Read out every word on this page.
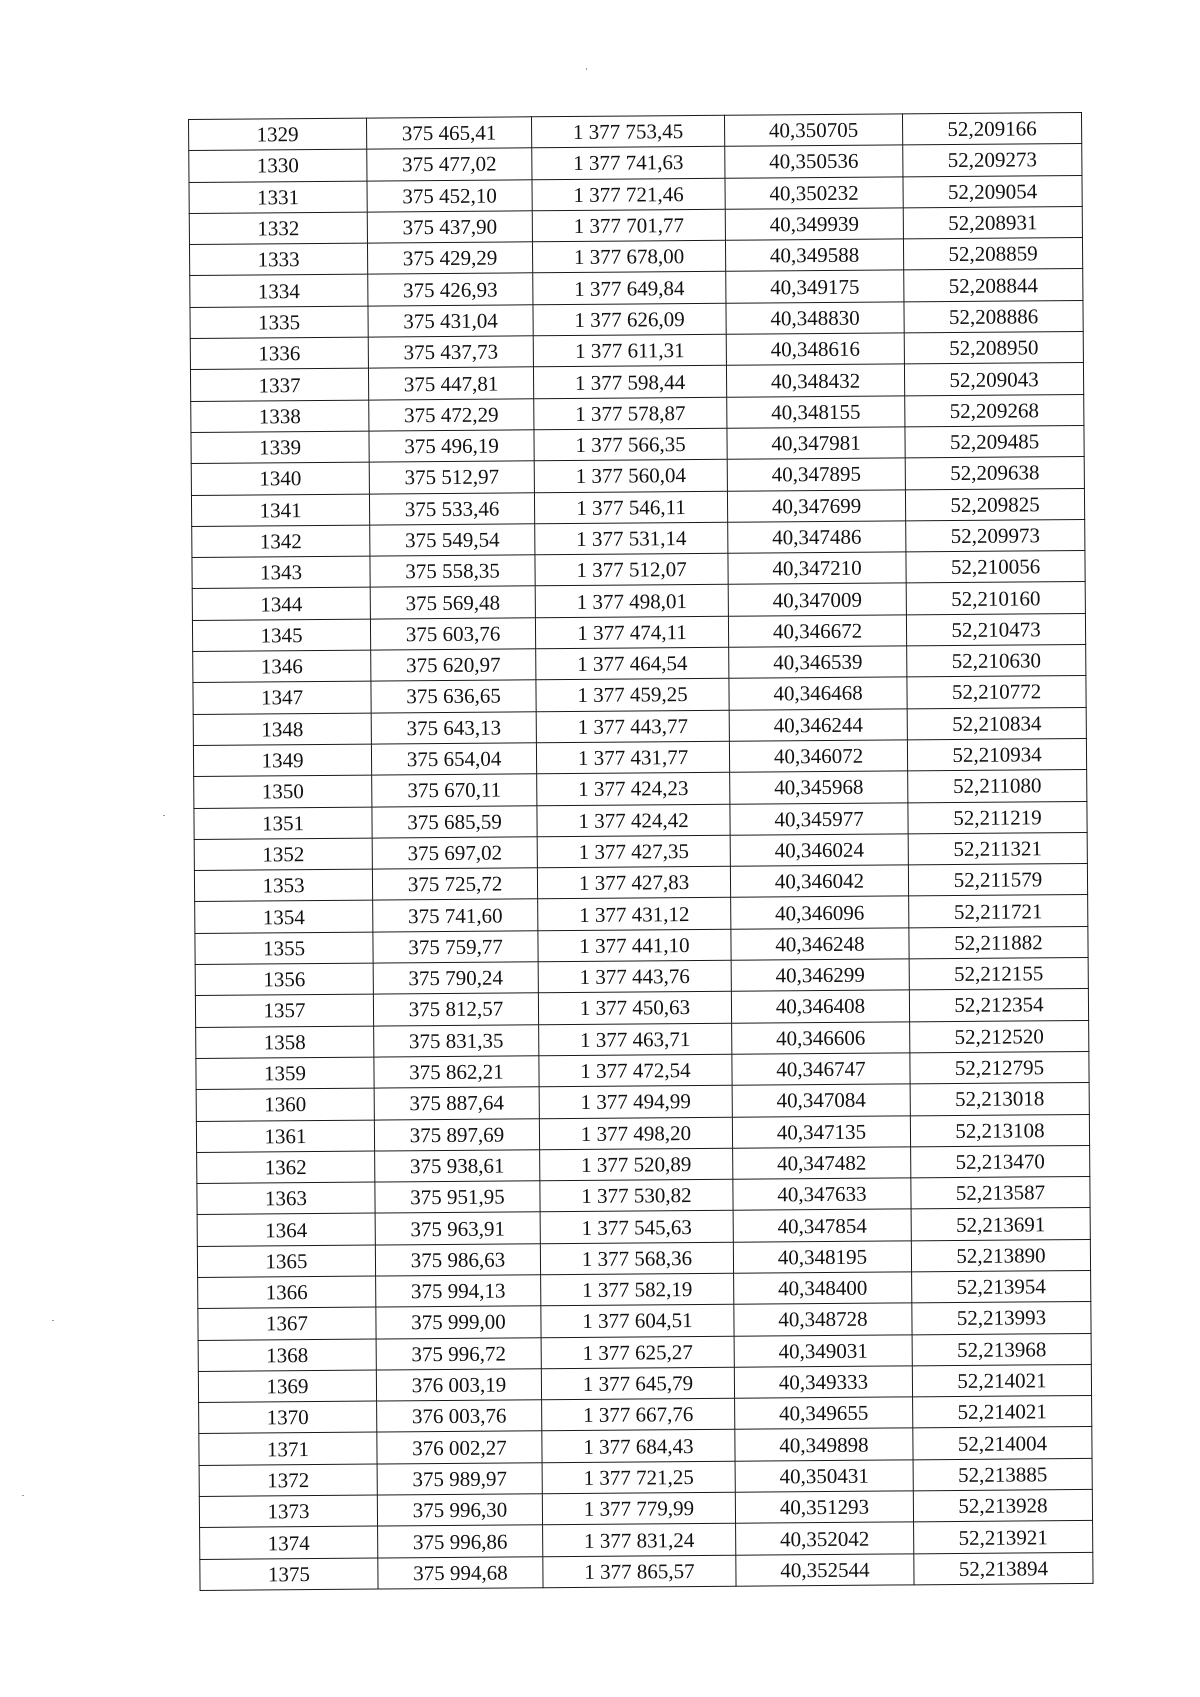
1329	375 465,41	1 377 753,45	40,350705	52,209166
1330	375 477,02	1 377 741,63	40,350536	52,209273
1331	375 452,10	1 377 721,46	40,350232	52,209054
1332	375 437,90	1 377 701,77	40,349939	52,208931
1333	375 429,29	1 377 678,00	40,349588	52,208859
1334	375 426,93	1 377 649,84	40,349175	52,208844
1335	375 431,04	1 377 626,09	40,348830	52,208886
1336	375 437,73	1 377 611,31	40,348616	52,208950
1337	375 447,81	1 377 598,44	40,348432	52,209043
1338	375 472,29	1 377 578,87	40,348155	52,209268
1339	375 496,19	1 377 566,35	40,347981	52,209485
1340	375 512,97	1 377 560,04	40,347895	52,209638
1341	375 533,46	1 377 546,11	40,347699	52,209825
1342	375 549,54	1 377 531,14	40,347486	52,209973
1343	375 558,35	1 377 512,07	40,347210	52,210056
1344	375 569,48	1 377 498,01	40,347009	52,210160
1345	375 603,76	1 377 474,11	40,346672	52,210473
1346	375 620,97	1 377 464,54	40,346539	52,210630
1347	375 636,65	1 377 459,25	40,346468	52,210772
1348	375 643,13	1 377 443,77	40,346244	52,210834
1349	375 654,04	1 377 431,77	40,346072	52,210934
1350	375 670,11	1 377 424,23	40,345968	52,211080
1351	375 685,59	1 377 424,42	40,345977	52,211219
1352	375 697,02	1 377 427,35	40,346024	52,211321
1353	375 725,72	1 377 427,83	40,346042	52,211579
1354	375 741,60	1 377 431,12	40,346096	52,211721
1355	375 759,77	1 377 441,10	40,346248	52,211882
1356	375 790,24	1 377 443,76	40,346299	52,212155
1357	375 812,57	1 377 450,63	40,346408	52,212354
1358	375 831,35	1 377 463,71	40,346606	52,212520
1359	375 862,21	1 377 472,54	40,346747	52,212795
1360	375 887,64	1 377 494,99	40,347084	52,213018
1361	375 897,69	1 377 498,20	40,347135	52,213108
1362	375 938,61	1 377 520,89	40,347482	52,213470
1363	375 951,95	1 377 530,82	40,347633	52,213587
1364	375 963,91	1 377 545,63	40,347854	52,213691
1365	375 986,63	1 377 568,36	40,348195	52,213890
1366	375 994,13	1 377 582,19	40,348400	52,213954
1367	375 999,00	1 377 604,51	40,348728	52,213993
1368	375 996,72	1 377 625,27	40,349031	52,213968
1369	376 003,19	1 377 645,79	40,349333	52,214021
1370	376 003,76	1 377 667,76	40,349655	52,214021
1371	376 002,27	1 377 684,43	40,349898	52,214004
1372	375 989,97	1 377 721,25	40,350431	52,213885
1373	375 996,30	1 377 779,99	40,351293	52,213928
1374	375 996,86	1 377 831,24	40,352042	52,213921
1375	375 994,68	1 377 865,57	40,352544	52,213894
